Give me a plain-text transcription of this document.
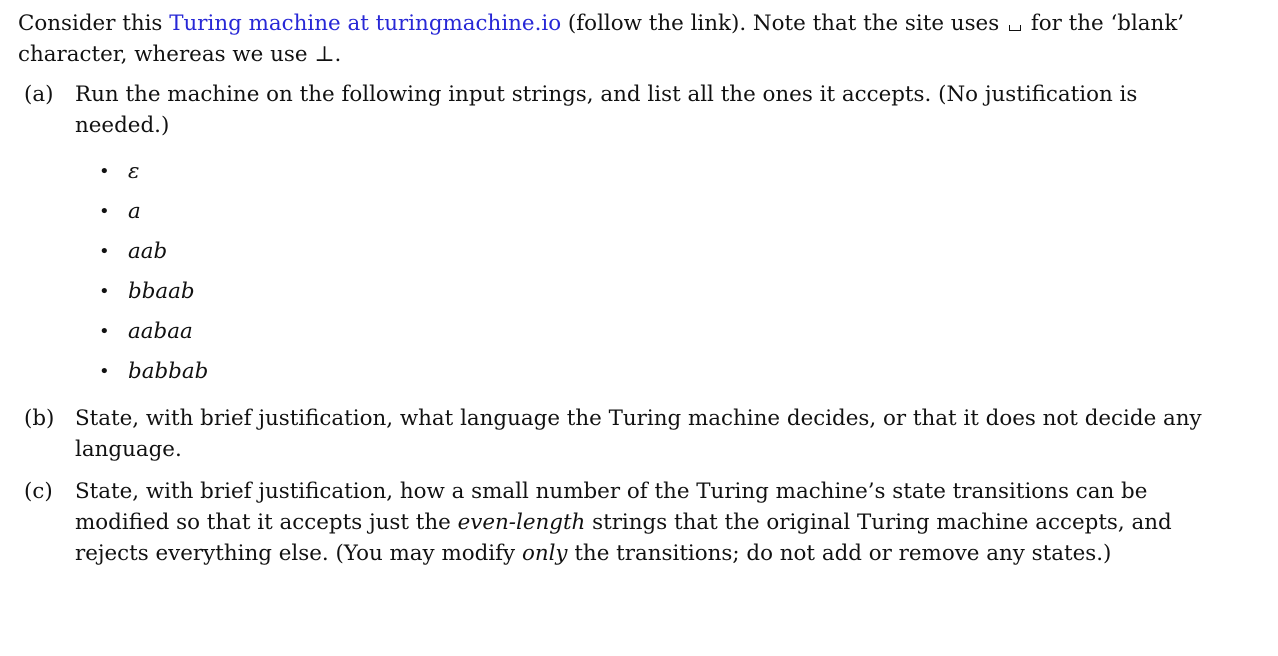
Consider this Turing machine at turingmachine.io (follow the link). Note that the site uses  for the ‘blank’ character, whereas we use ⊥.

(a) Run the machine on the following input strings, and list all the ones it accepts. (No justification is needed.)

• ε
• a
• aab
• bbaab
• aabaa
• babbab
(b) State, with brief justification, what language the Turing machine decides, or that it does not decide any language.

(c) State, with brief justification, how a small number of the Turing machine’s state transitions can be modified so that it accepts just the even-length strings that the original Turing machine accepts, and rejects everything else. (You may modify only the transitions; do not add or remove any states.)
